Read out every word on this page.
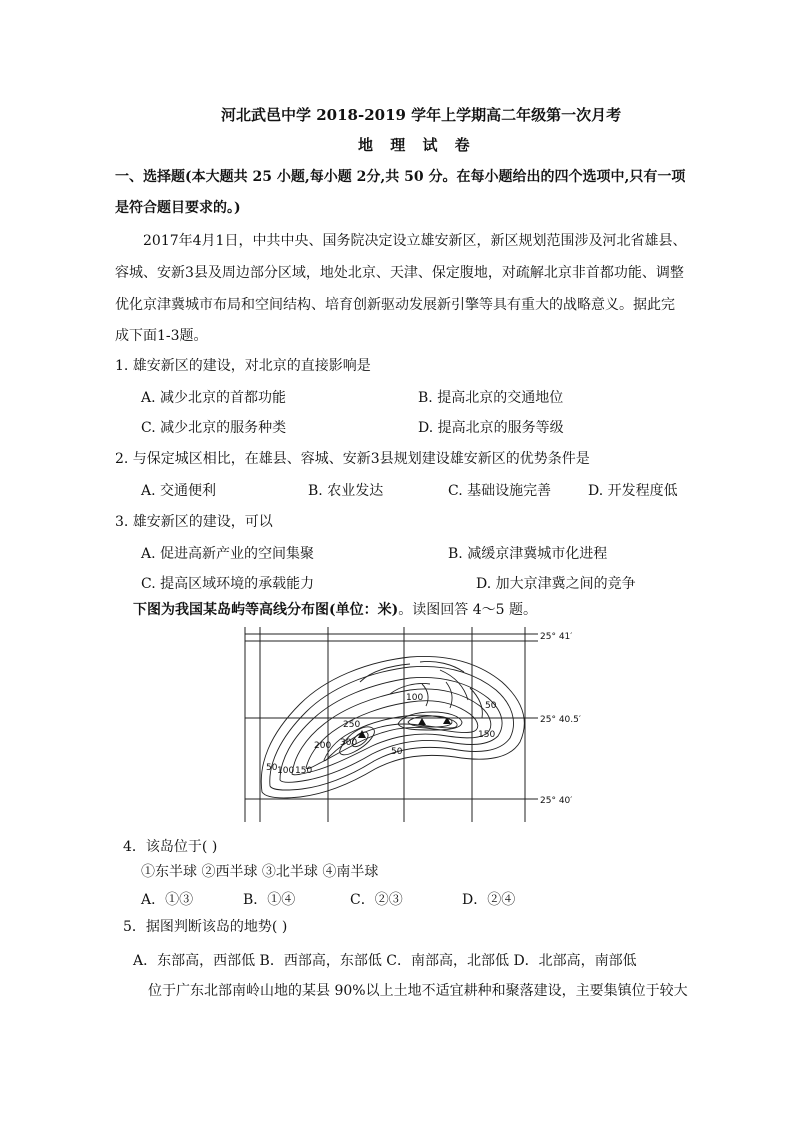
河北武邑中学 2018-2019 学年上学期高二年级第一次月考
地 理 试 卷
一、选择题(本大题共 25 小题,每小题 2分,共 50 分。在每小题给出的四个选项中,只有一项
是符合题目要求的。)
2017年4月1日，中共中央、国务院决定设立雄安新区，新区规划范围涉及河北省雄县、
容城、安新3县及周边部分区域，地处北京、天津、保定腹地，对疏解北京非首都功能、调整
优化京津冀城市布局和空间结构、培育创新驱动发展新引擎等具有重大的战略意义。据此完
成下面1-3题。
1. 雄安新区的建设，对北京的直接影响是
A. 减少北京的首都功能	B. 提高北京的交通地位
C. 减少北京的服务种类	D. 提高北京的服务等级
2. 与保定城区相比，在雄县、容城、安新3县规划建设雄安新区的优势条件是
A. 交通便利	B. 农业发达	C. 基础设施完善	D. 开发程度低
3. 雄安新区的建设，可以
A. 促进高新产业的空间集聚	B. 减缓京津冀城市化进程
C. 提高区域环境的承载能力	D. 加大京津冀之间的竞争
下图为我国某岛屿等高线分布图(单位：米)。读图回答 4～5 题。
100
50
250
300
200
150
50
50 100 150
25° 41′
25° 40.5′
25° 40′
4．该岛位于( )
①东半球 ②西半球 ③北半球 ④南半球
A．①③	B．①④	C．②③	D．②④
5．据图判断该岛的地势( )
A．东部高，西部低 B．西部高，东部低 C．南部高，北部低 D．北部高，南部低
位于广东北部南岭山地的某县 90%以上土地不适宜耕种和聚落建设，主要集镇位于较大
